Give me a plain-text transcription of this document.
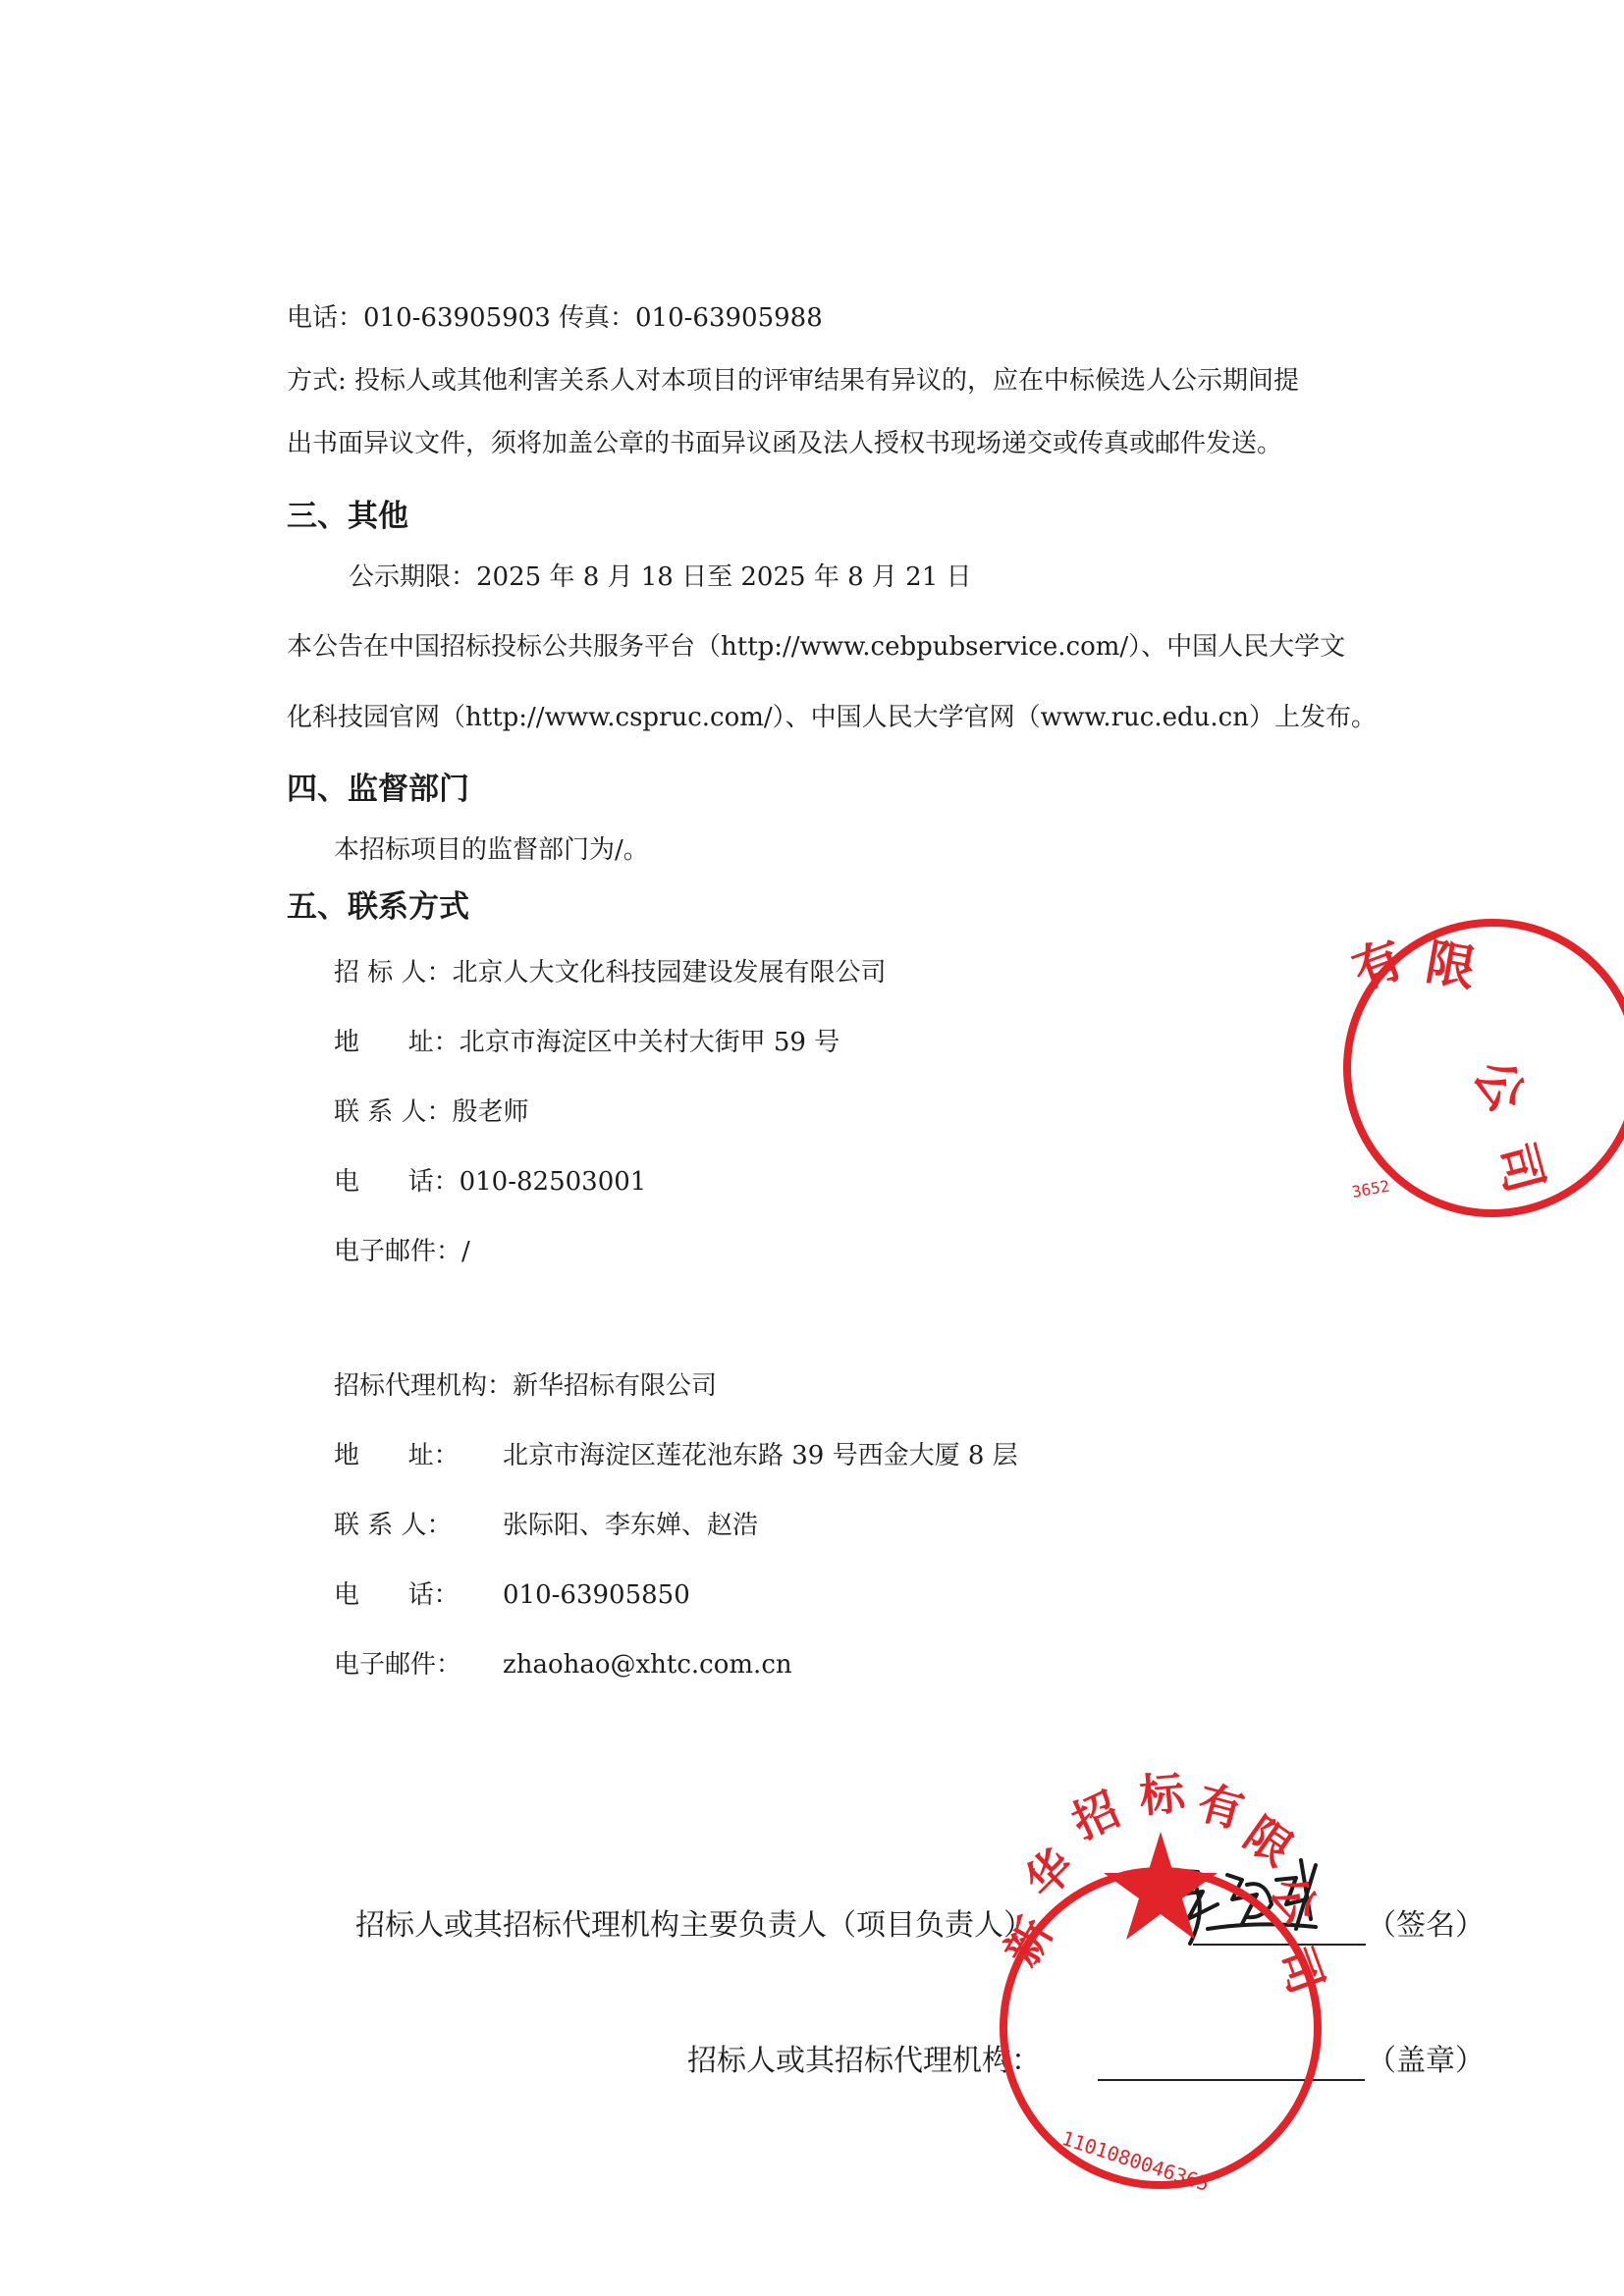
电话：010-63905903 传真：010-63905988
方式: 投标人或其他利害关系人对本项目的评审结果有异议的，应在中标候选人公示期间提
出书面异议文件，须将加盖公章的书面异议函及法人授权书现场递交或传真或邮件发送。
三、其他
公示期限：2025 年 8 月 18 日至 2025 年 8 月 21 日
本公告在中国招标投标公共服务平台（http://www.cebpubservice.com/）、中国人民大学文
化科技园官网（http://www.cspruc.com/）、中国人民大学官网（www.ruc.edu.cn）上发布。
四、监督部门
本招标项目的监督部门为/。
五、联系方式
招 标 人：北京人大文化科技园建设发展有限公司
地      址：北京市海淀区中关村大街甲 59 号
联 系 人：殷老师
电      话：010-82503001
电子邮件：/
招标代理机构：新华招标有限公司
地      址： 北京市海淀区莲花池东路 39 号西金大厦 8 层
联 系 人： 张际阳、李东婵、赵浩
电      话： 010-63905850
电子邮件： zhaohao@xhtc.com.cn
招标人或其招标代理机构主要负责人（项目负责人）	（签名）
招标人或其招标代理机构：	（盖章）
有 限
公
司
3652
新
华
招 标 有
限
公
司
1101080046365
